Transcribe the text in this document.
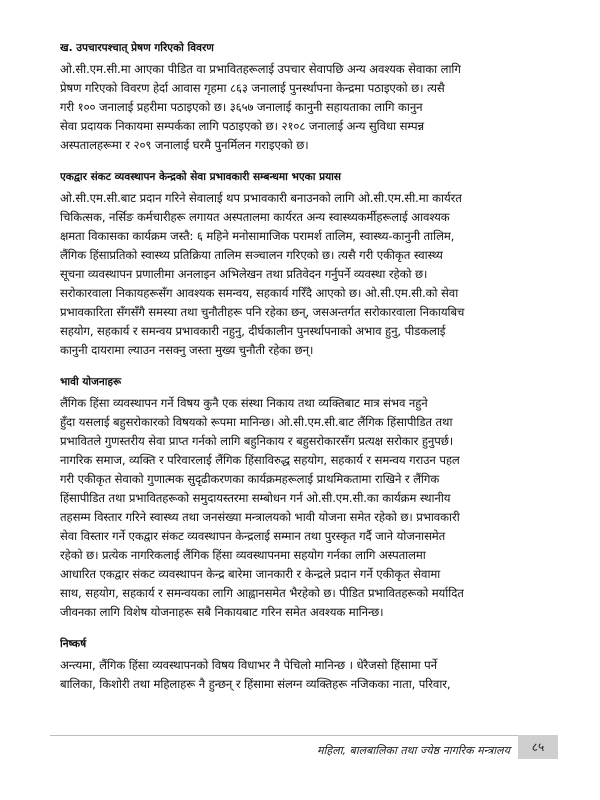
ख. उपचारपश्चात् प्रेषण गरिएको विवरण
ओ.सी.एम.सी.मा आएका पीडित वा प्रभावितहरूलाई उपचार सेवापछि अन्य अवश्यक सेवाका लागि
प्रेषण गरिएको विवरण हेर्दा आवास गृहमा ८६३ जनालाई पुनर्स्थापना केन्द्रमा पठाइएको छ। त्यसै
गरी १०० जनालाई प्रहरीमा पठाइएको छ। ३६५७ जनालाई कानुनी सहायताका लागि कानुन
सेवा प्रदायक निकायमा सम्पर्कका लागि पठाइएको छ। २१०८ जनालाई अन्य सुविधा सम्पन्न
अस्पतालहरूमा र २०९ जनालाई घरमै पुनर्मिलन गराइएको छ।
एकद्वार संकट व्यवस्थापन केन्द्रको सेवा प्रभावकारी सम्बन्धमा भएका प्रयास
ओ.सी.एम.सी.बाट प्रदान गरिने सेवालाई थप प्रभावकारी बनाउनको लागि ओ.सी.एम.सी.मा कार्यरत
चिकित्सक, नर्सिङ कर्मचारीहरू लगायत अस्पतालमा कार्यरत अन्य स्वास्थ्यकर्मीहरूलाई आवश्यक
क्षमता विकासका कार्यक्रम जस्तै: ६ महिने मनोसामाजिक परामर्श तालिम, स्वास्थ्य-कानुनी तालिम,
लैंगिक हिंसाप्रतिको स्वास्थ्य प्रतिक्रिया तालिम सञ्चालन गरिएको छ। त्यसै गरी एकीकृत स्वास्थ्य
सूचना व्यवस्थापन प्रणालीमा अनलाइन अभिलेखन तथा प्रतिवेदन गर्नुपर्ने व्यवस्था रहेको छ।
सरोकारवाला निकायहरूसँग आवश्यक समन्वय, सहकार्य गरिँदै आएको छ। ओ.सी.एम.सी.को सेवा
प्रभावकारिता सँगसँगै समस्या तथा चुनौतीहरू पनि रहेका छन्, जसअन्तर्गत सरोकारवाला निकायबिच
सहयोग, सहकार्य र समन्वय प्रभावकारी नहुनु, दीर्घकालीन पुनर्स्थापनाको अभाव हुनु, पीडकलाई
कानुनी दायरामा ल्याउन नसक्नु जस्ता मुख्य चुनौती रहेका छन्।
भावी योजनाहरू
लैंगिक हिंसा व्यवस्थापन गर्ने विषय कुनै एक संस्था निकाय तथा व्यक्तिबाट मात्र संभव नहुने
हुँदा यसलाई बहुसरोकारको विषयको रूपमा मानिन्छ। ओ.सी.एम.सी.बाट लैंगिक हिंसापीडित तथा
प्रभावितले गुणस्तरीय सेवा प्राप्त गर्नको लागि बहुनिकाय र बहुसरोकारसँग प्रत्यक्ष सरोकार हुनुपर्छ।
नागरिक समाज, व्यक्ति र परिवारलाई लैंगिक हिंसाविरुद्ध सहयोग, सहकार्य र समन्वय गराउन पहल
गरी एकीकृत सेवाको गुणात्मक सुदृढीकरणका कार्यक्रमहरूलाई प्राथमिकतामा राखिने र लैंगिक
हिंसापीडित तथा प्रभावितहरूको समुदायस्तरमा सम्बोधन गर्न ओ.सी.एम.सी.का कार्यक्रम स्थानीय
तहसम्म विस्तार गरिने स्वास्थ्य तथा जनसंख्या मन्त्रालयको भावी योजना समेत रहेको छ। प्रभावकारी
सेवा विस्तार गर्ने एकद्वार संकट व्यवस्थापन केन्द्रलाई सम्मान तथा पुरस्कृत गर्दै जाने योजनासमेत
रहेको छ। प्रत्येक नागरिकलाई लैंगिक हिंसा व्यवस्थापनमा सहयोग गर्नका लागि अस्पतालमा
आधारित एकद्वार संकट व्यवस्थापन केन्द्र बारेमा जानकारी र केन्द्रले प्रदान गर्ने एकीकृत सेवामा
साथ, सहयोग, सहकार्य र समन्वयका लागि आह्वानसमेत भैरहेको छ। पीडित प्रभावितहरूको मर्यादित
जीवनका लागि विशेष योजनाहरू सबै निकायबाट गरिन समेत अवश्यक मानिन्छ।
निष्कर्ष
अन्त्यमा, लैंगिक हिंसा व्यवस्थापनको विषय विधाभर नै पेचिलो मानिन्छ । धेरैजसो हिंसामा पर्ने
बालिका, किशोरी तथा महिलाहरू नै हुन्छन् र हिंसामा संलग्न व्यक्तिहरू नजिकका नाता, परिवार,
महिला, बालबालिका तथा ज्येष्ठ नागरिक मन्त्रालय	८५
